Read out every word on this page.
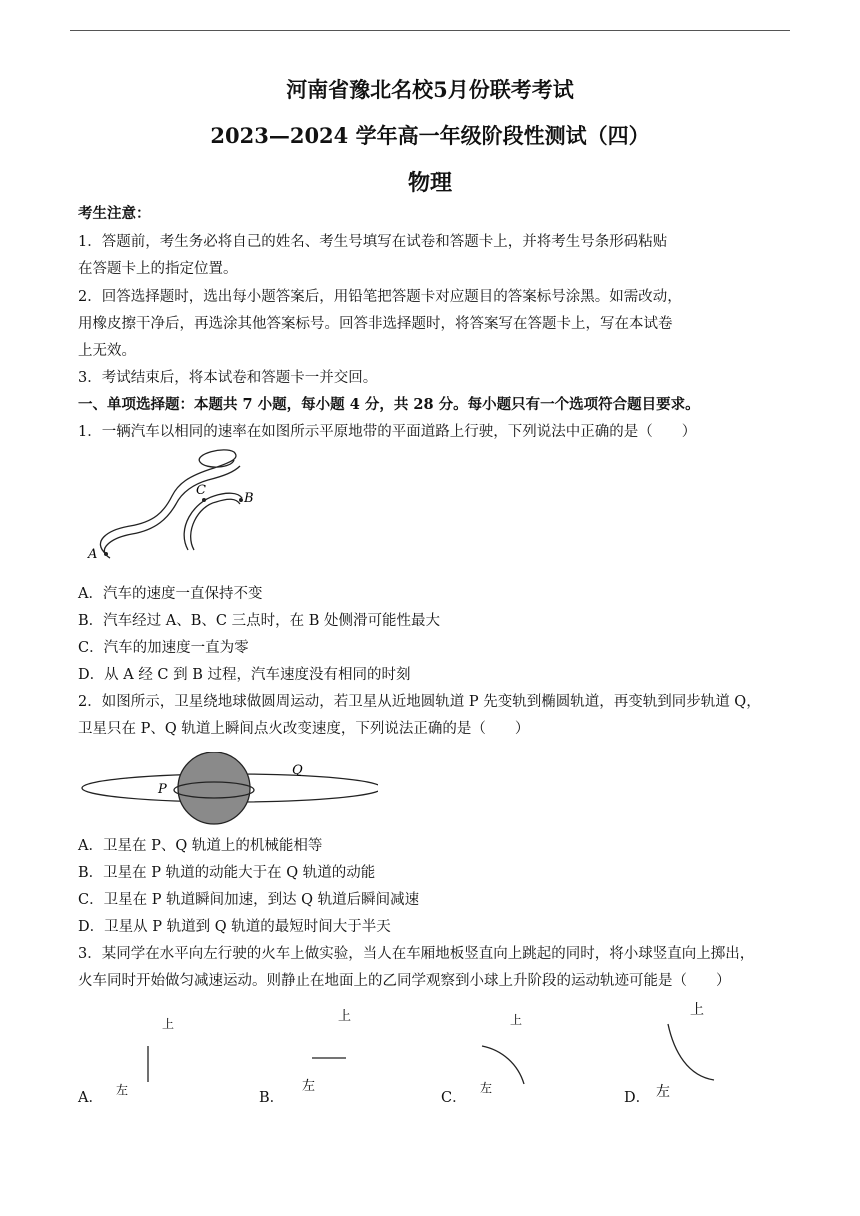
河南省豫北名校5月份联考考试
2023—2024 学年高一年级阶段性测试（四）
物理
考生注意：
1．答题前，考生务必将自己的姓名、考生号填写在试卷和答题卡上，并将考生号条形码粘贴
在答题卡上的指定位置。
2．回答选择题时，选出每小题答案后，用铅笔把答题卡对应题目的答案标号涂黑。如需改动，
用橡皮擦干净后，再选涂其他答案标号。回答非选择题时，将答案写在答题卡上，写在本试卷
上无效。
3．考试结束后，将本试卷和答题卡一并交回。
一、单项选择题：本题共 7 小题，每小题 4 分，共 28 分。每小题只有一个选项符合题目要求。
1．一辆汽车以相同的速率在如图所示平原地带的平面道路上行驶，下列说法中正确的是（　　）
A
C
B
A．汽车的速度一直保持不变
B．汽车经过 A、B、C 三点时，在 B 处侧滑可能性最大
C．汽车的加速度一直为零
D．从 A 经 C 到 B 过程，汽车速度没有相同的时刻
2．如图所示，卫星绕地球做圆周运动，若卫星从近地圆轨道 P 先变轨到椭圆轨道，再变轨到同步轨道 Q，
卫星只在 P、Q 轨道上瞬间点火改变速度，下列说法正确的是（　　）
P
Q
A．卫星在 P、Q 轨道上的机械能相等
B．卫星在 P 轨道的动能大于在 Q 轨道的动能
C．卫星在 P 轨道瞬间加速，到达 Q 轨道后瞬间减速
D．卫星从 P 轨道到 Q 轨道的最短时间大于半天
3．某同学在水平向左行驶的火车上做实验，当人在车厢地板竖直向上跳起的同时，将小球竖直向上掷出，
火车同时开始做匀减速运动。则静止在地面上的乙同学观察到小球上升阶段的运动轨迹可能是（　　）
A．
上
左	B．
上
左
C．
上
左
D．
上
左
